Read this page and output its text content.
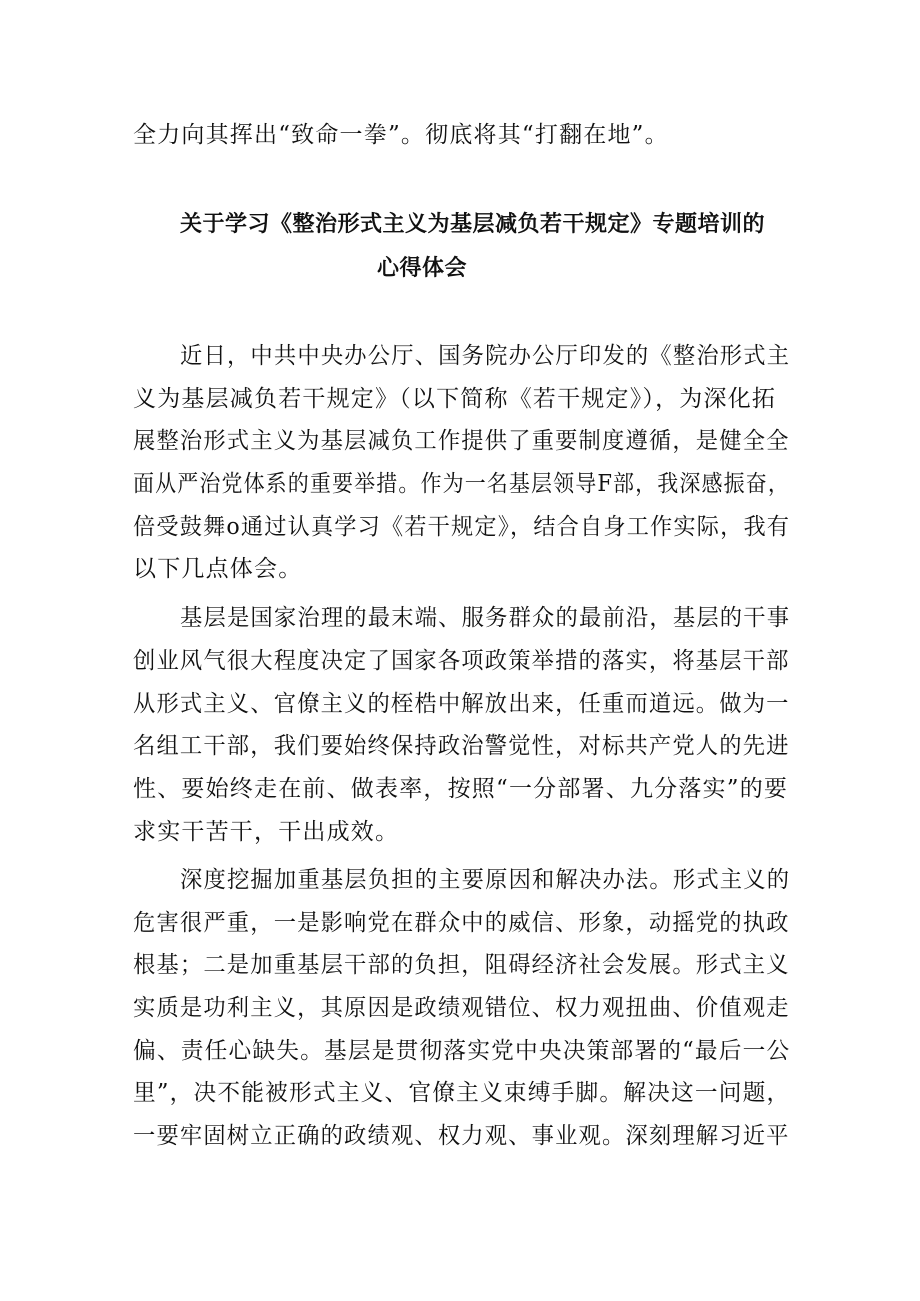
全力向其挥出“致命一拳”。彻底将其“打翻在地”。
关于学习《整治形式主义为基层减负若干规定》专题培训的
心得体会
近日，中共中央办公厅、国务院办公厅印发的《整治形式主
义为基层减负若干规定》（以下简称《若干规定》），为深化拓
展整治形式主义为基层减负工作提供了重要制度遵循，是健全全
面从严治党体系的重要举措。作为一名基层领导F部，我深感振奋，
倍受鼓舞o通过认真学习《若干规定》，结合自身工作实际，我有
以下几点体会。
基层是国家治理的最末端、服务群众的最前沿，基层的干事
创业风气很大程度决定了国家各项政策举措的落实，将基层干部
从形式主义、官僚主义的桎梏中解放出来，任重而道远。做为一
名组工干部，我们要始终保持政治警觉性，对标共产党人的先进
性、要始终走在前、做表率，按照“一分部署、九分落实”的要
求实干苦干，干出成效。
深度挖掘加重基层负担的主要原因和解决办法。形式主义的
危害很严重，一是影响党在群众中的威信、形象，动摇党的执政
根基；二是加重基层干部的负担，阻碍经济社会发展。形式主义
实质是功利主义，其原因是政绩观错位、权力观扭曲、价值观走
偏、责任心缺失。基层是贯彻落实党中央决策部署的“最后一公
里”，决不能被形式主义、官僚主义束缚手脚。解决这一问题，
一要牢固树立正确的政绩观、权力观、事业观。深刻理解习近平
